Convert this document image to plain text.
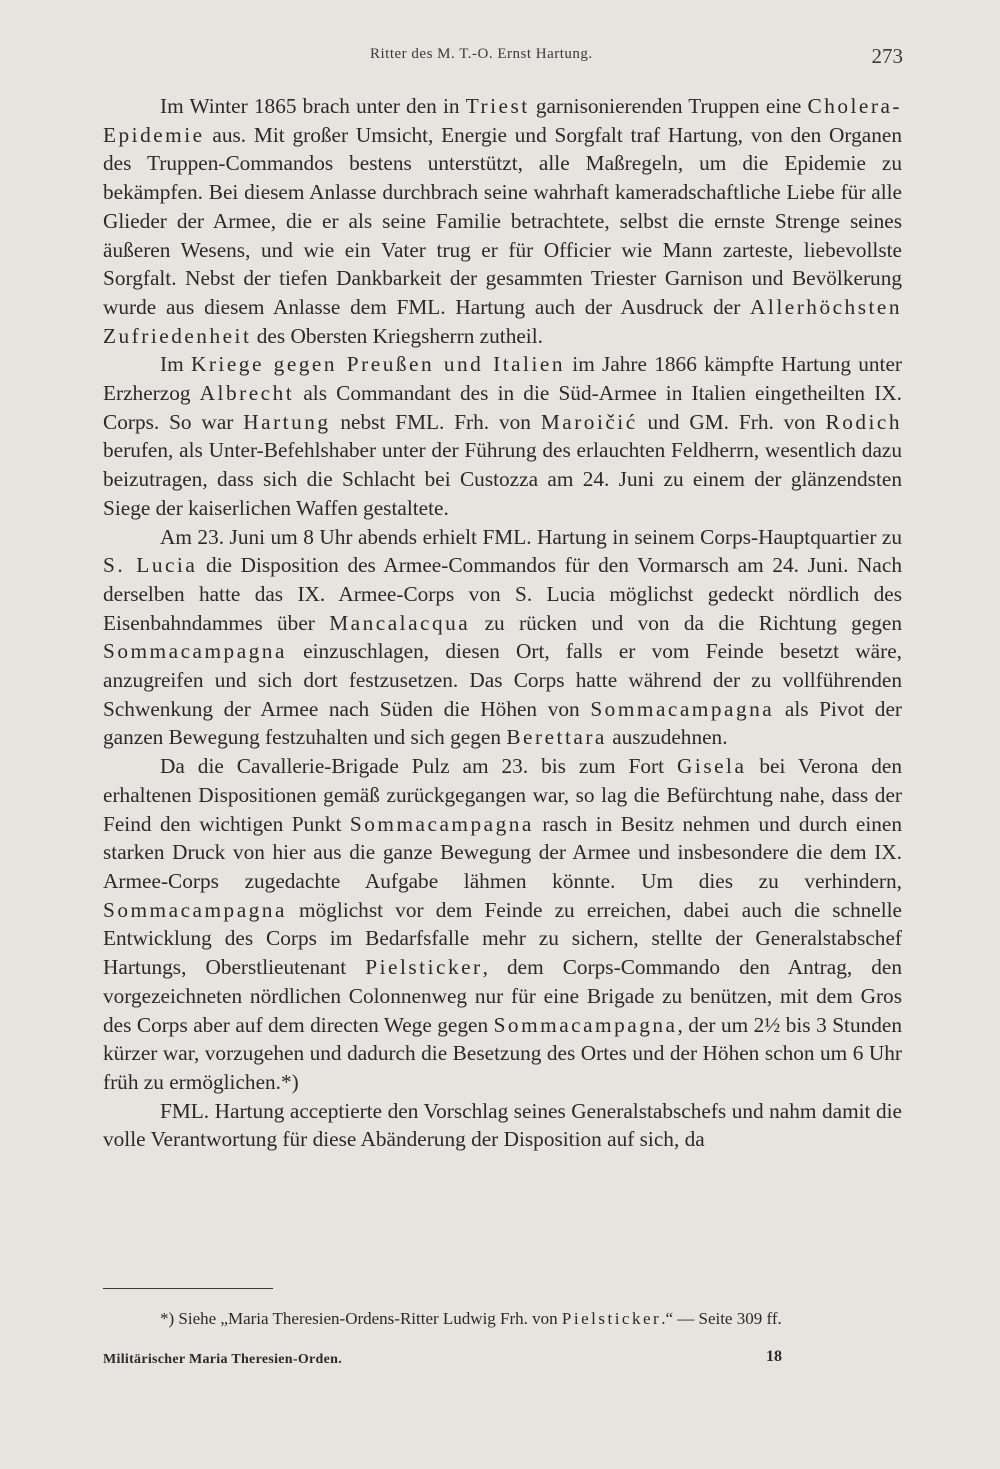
Ritter des M. T.-O. Ernst Hartung.	273

Im Winter 1865 brach unter den in Triest garnisonierenden Truppen eine Cholera-Epidemie aus. Mit großer Umsicht, Energie und Sorgfalt traf Hartung, von den Organen des Truppen-Commandos bestens unterstützt, alle Maßregeln, um die Epidemie zu bekämpfen. Bei diesem Anlasse durchbrach seine wahrhaft kameradschaftliche Liebe für alle Glieder der Armee, die er als seine Familie betrachtete, selbst die ernste Strenge seines äußeren Wesens, und wie ein Vater trug er für Officier wie Mann zarteste, liebevollste Sorgfalt. Nebst der tiefen Dankbarkeit der gesammten Triester Garnison und Bevölkerung wurde aus diesem Anlasse dem FML. Hartung auch der Ausdruck der Allerhöchsten Zufriedenheit des Obersten Kriegsherrn zutheil.

Im Kriege gegen Preußen und Italien im Jahre 1866 kämpfte Hartung unter Erzherzog Albrecht als Commandant des in die Süd-Armee in Italien eingetheilten IX. Corps. So war Hartung nebst FML. Frh. von Maroičić und GM. Frh. von Rodich berufen, als Unter-Befehlshaber unter der Führung des erlauchten Feldherrn, wesentlich dazu beizutragen, dass sich die Schlacht bei Custozza am 24. Juni zu einem der glänzendsten Siege der kaiserlichen Waffen gestaltete.

Am 23. Juni um 8 Uhr abends erhielt FML. Hartung in seinem Corps-Hauptquartier zu S. Lucia die Disposition des Armee-Commandos für den Vormarsch am 24. Juni. Nach derselben hatte das IX. Armee-Corps von S. Lucia möglichst gedeckt nördlich des Eisenbahndammes über Mancalacqua zu rücken und von da die Richtung gegen Sommacampagna einzuschlagen, diesen Ort, falls er vom Feinde besetzt wäre, anzugreifen und sich dort festzusetzen. Das Corps hatte während der zu vollführenden Schwenkung der Armee nach Süden die Höhen von Sommacampagna als Pivot der ganzen Bewegung festzuhalten und sich gegen Berettara auszudehnen.

Da die Cavallerie-Brigade Pulz am 23. bis zum Fort Gisela bei Verona den erhaltenen Dispositionen gemäß zurückgegangen war, so lag die Befürchtung nahe, dass der Feind den wichtigen Punkt Sommacampagna rasch in Besitz nehmen und durch einen starken Druck von hier aus die ganze Bewegung der Armee und insbesondere die dem IX. Armee-Corps zugedachte Aufgabe lähmen könnte. Um dies zu verhindern, Sommacampagna möglichst vor dem Feinde zu erreichen, dabei auch die schnelle Entwicklung des Corps im Bedarfsfalle mehr zu sichern, stellte der Generalstabschef Hartungs, Oberstlieutenant Pielsticker, dem Corps-Commando den Antrag, den vorgezeichneten nördlichen Colonnenweg nur für eine Brigade zu benützen, mit dem Gros des Corps aber auf dem directen Wege gegen Sommacampagna, der um 2½ bis 3 Stunden kürzer war, vorzugehen und dadurch die Besetzung des Ortes und der Höhen schon um 6 Uhr früh zu ermöglichen.*)

FML. Hartung acceptierte den Vorschlag seines Generalstabschefs und nahm damit die volle Verantwortung für diese Abänderung der Disposition auf sich, da

*) Siehe „Maria Theresien-Ordens-Ritter Ludwig Frh. von Pielsticker.“ — Seite 309 ff.
Militärischer Maria Theresien-Orden.	18
